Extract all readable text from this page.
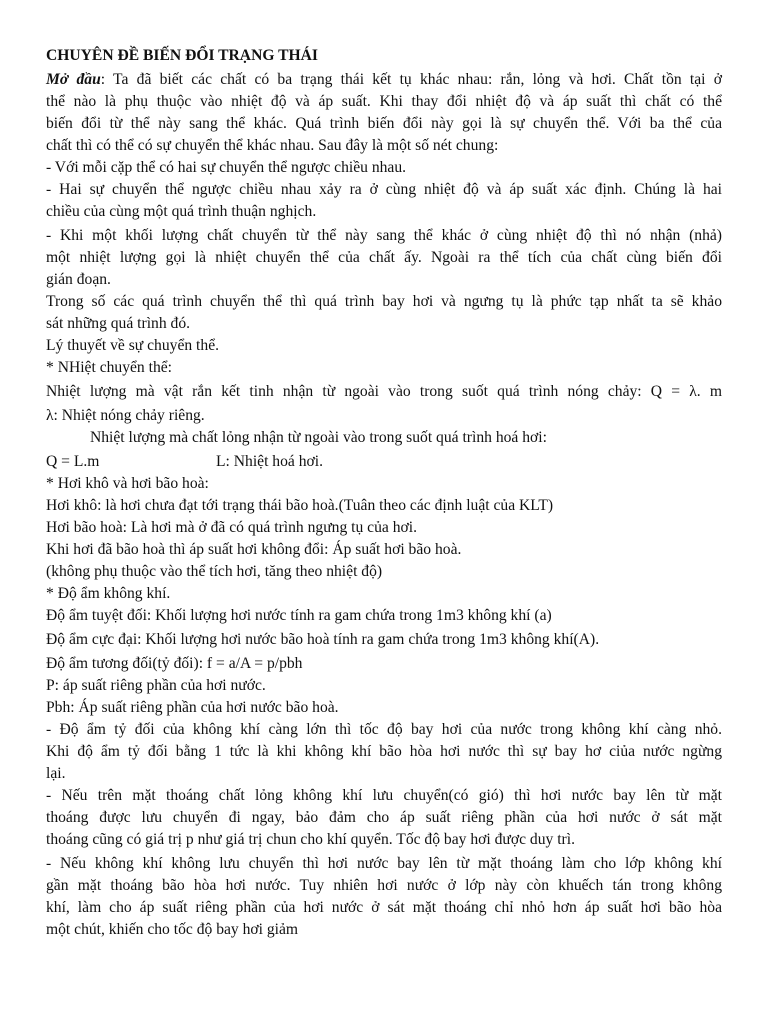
CHUYÊN ĐỀ BIẾN ĐỔI TRẠNG THÁI
Mở đầu: Ta đã biết các chất có ba trạng thái kết tụ khác nhau: rắn, lỏng và hơi. Chất tồn tại ở
thể nào là phụ thuộc vào nhiệt độ và áp suất. Khi thay đổi nhiệt độ và áp suất thì chất có thể
biến đổi từ thể này sang thể khác. Quá trình biến đổi này gọi là sự chuyển thể. Với ba thể của
chất thì có thể có sự chuyển thể khác nhau. Sau đây là một số nét chung:
- Với mỗi cặp thể có hai sự chuyển thể ngược chiều nhau.
- Hai sự chuyển thể ngược chiều nhau xảy ra ở cùng nhiệt độ và áp suất xác định. Chúng là hai
chiều của cùng một quá trình thuận nghịch.
- Khi một khối lượng chất chuyển từ thể này sang thể khác ở cùng nhiệt độ thì nó nhận (nhả)
một nhiệt lượng gọi là nhiệt chuyển thể của chất ấy. Ngoài ra thể tích của chất cùng biến đổi
gián đoạn.
Trong số các quá trình chuyển thể thì quá trình bay hơi và ngưng tụ là phức tạp nhất ta sẽ khảo
sát những quá trình đó.
Lý thuyết về sự chuyển thể.
* NHiệt chuyển thể:
Nhiệt lượng mà vật rắn kết tinh nhận từ ngoài vào trong suốt quá trình nóng chảy: Q = λ. m
λ: Nhiệt nóng chảy riêng.
Nhiệt lượng mà chất lỏng nhận từ ngoài vào trong suốt quá trình hoá hơi:
Q = L.m	L: Nhiệt hoá hơi.
* Hơi khô và hơi bão hoà:
Hơi khô: là hơi chưa đạt tới trạng thái bão hoà.(Tuân theo các định luật của KLT)
Hơi bão hoà: Là hơi mà ở đã có quá trình ngưng tụ của hơi.
Khi hơi đã bão hoà thì áp suất hơi không đổi: Áp suất hơi bão hoà.
(không phụ thuộc vào thể tích hơi, tăng theo nhiệt độ)
* Độ ẩm không khí.
Độ ẩm tuyệt đối: Khối lượng hơi nước tính ra gam chứa trong 1m3 không khí (a)
Độ ẩm cực đại: Khối lượng hơi nước bão hoà tính ra gam chứa trong 1m3 không khí(A).
Độ ẩm tương đối(tỷ đối): f = a/A = p/pbh
P: áp suất riêng phần của hơi nước.
Pbh: Áp suất riêng phần của hơi nước bão hoà.
- Độ ẩm tỷ đối của không khí càng lớn thì tốc độ bay hơi của nước trong không khí càng nhỏ.
Khi độ ẩm tỷ đối bằng 1 tức là khi không khí bão hòa hơi nước thì sự bay hơ ciủa nước ngừng
lại.
- Nếu trên mặt thoáng chất lỏng không khí lưu chuyển(có gió) thì hơi nước bay lên từ mặt
thoáng được lưu chuyển đi ngay, bảo đảm cho áp suất riêng phần của hơi nước ở sát mặt
thoáng cũng có giá trị p như giá trị chun cho khí quyển. Tốc độ bay hơi được duy trì.
- Nếu không khí không lưu chuyển thì hơi nước bay lên từ mặt thoáng làm cho lớp không khí
gần mặt thoáng bão hòa hơi nước. Tuy nhiên hơi nước ở lớp này còn khuếch tán trong không
khí, làm cho áp suất riêng phần của hơi nước ở sát mặt thoáng chỉ nhỏ hơn áp suất hơi bão hòa
một chút, khiến cho tốc độ bay hơi giảm
